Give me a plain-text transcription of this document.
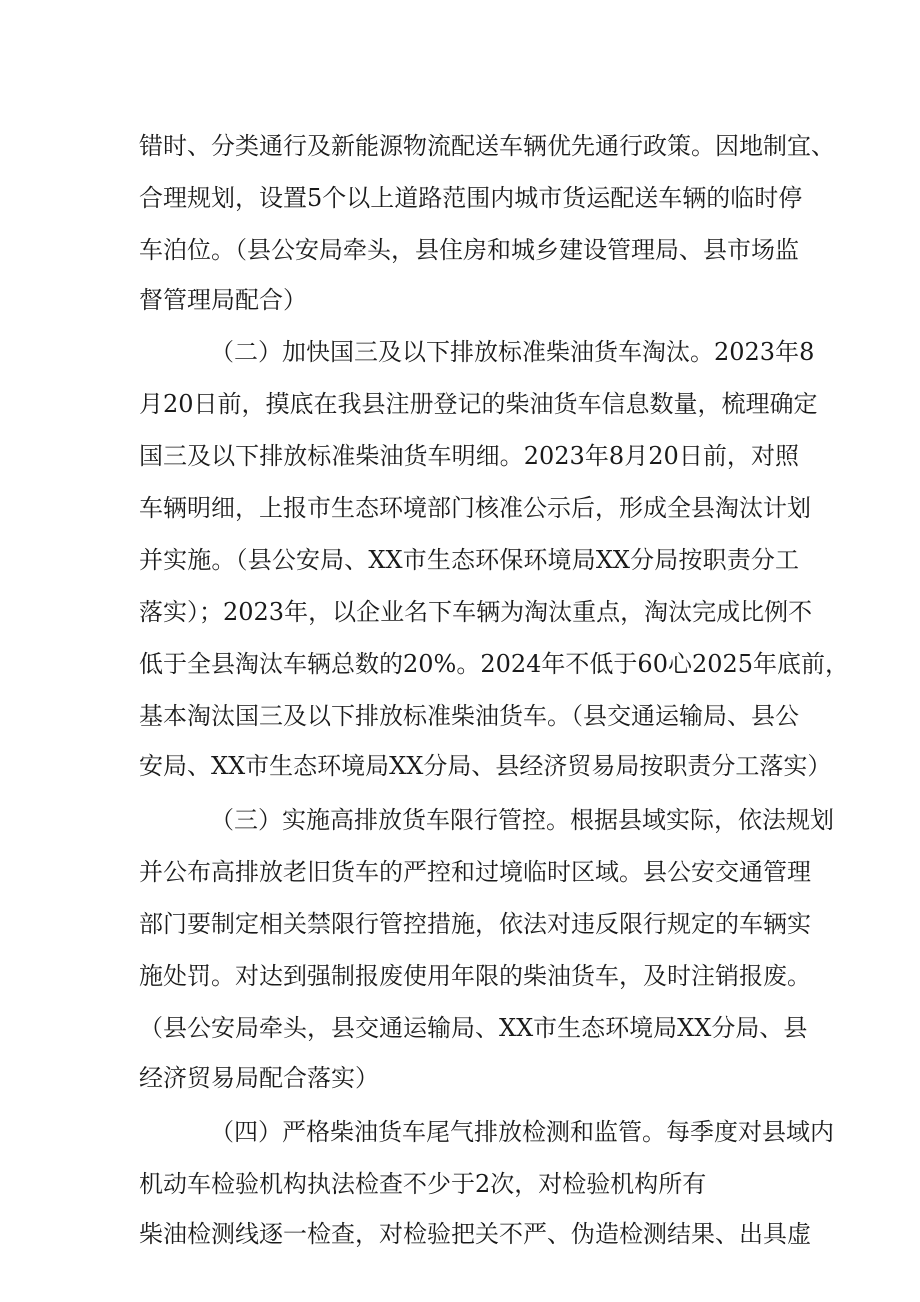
错时、分类通行及新能源物流配送车辆优先通行政策。因地制宜、
合理规划，设置5个以上道路范围内城市货运配送车辆的临时停
车泊位。（县公安局牵头，县住房和城乡建设管理局、县市场监
督管理局配合）
（二）加快国三及以下排放标准柴油货车淘汰。2023年8
月20日前，摸底在我县注册登记的柴油货车信息数量，梳理确定
国三及以下排放标准柴油货车明细。2023年8月20日前，对照
车辆明细，上报市生态环境部门核准公示后，形成全县淘汰计划
并实施。（县公安局、XX市生态环保环境局XX分局按职责分工
落实）；2023年，以企业名下车辆为淘汰重点，淘汰完成比例不
低于全县淘汰车辆总数的20%。2024年不低于60心2025年底前，
基本淘汰国三及以下排放标准柴油货车。（县交通运输局、县公
安局、XX市生态环境局XX分局、县经济贸易局按职责分工落实）
（三）实施高排放货车限行管控。根据县域实际，依法规划
并公布高排放老旧货车的严控和过境临时区域。县公安交通管理
部门要制定相关禁限行管控措施，依法对违反限行规定的车辆实
施处罚。对达到强制报废使用年限的柴油货车，及时注销报废。
（县公安局牵头，县交通运输局、XX市生态环境局XX分局、县
经济贸易局配合落实）
（四）严格柴油货车尾气排放检测和监管。每季度对县域内
机动车检验机构执法检查不少于2次，对检验机构所有
柴油检测线逐一检查，对检验把关不严、伪造检测结果、出具虚
